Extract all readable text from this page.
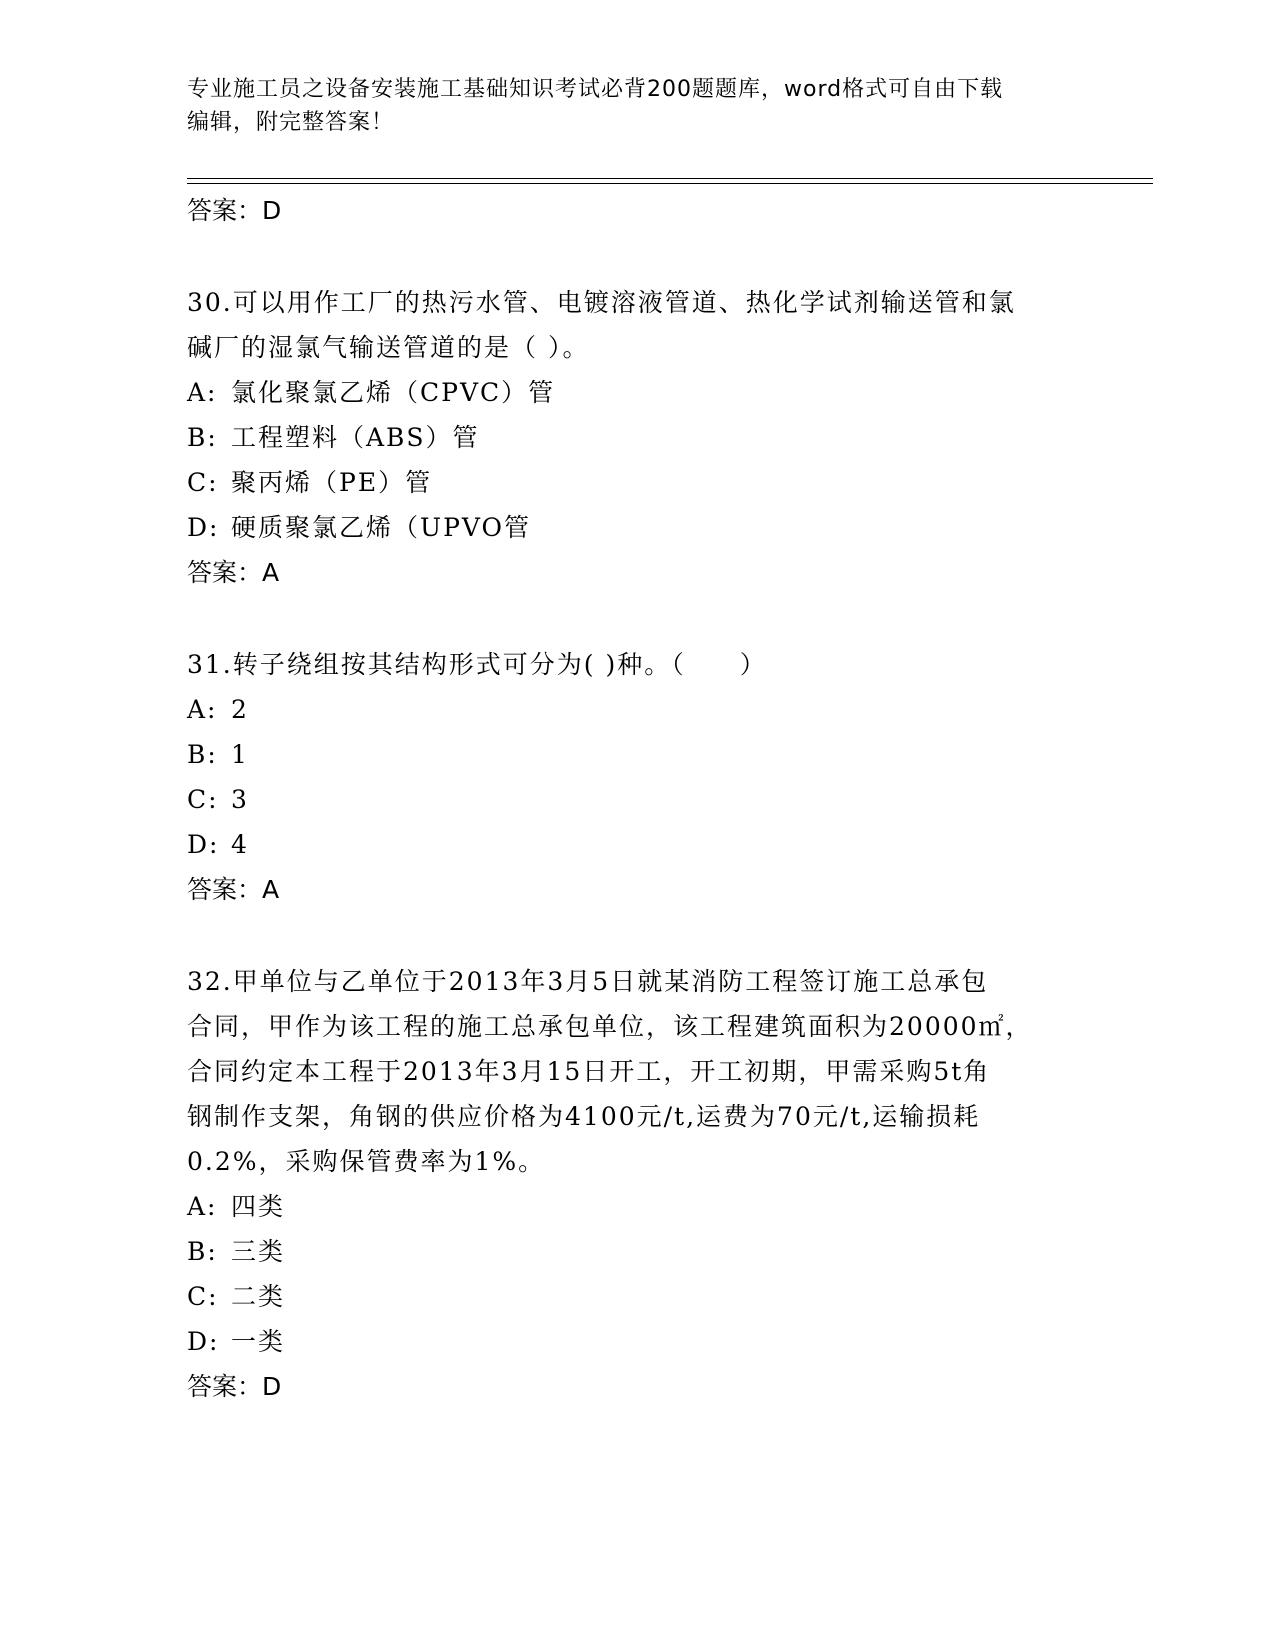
专业施工员之设备安装施工基础知识考试必背200题题库，word格式可自由下载
编辑，附完整答案！
答案：D
30.可以用作工厂的热污水管、电镀溶液管道、热化学试剂输送管和氯
碱厂的湿氯气输送管道的是（ ）。
A: 氯化聚氯乙烯（CPVC）管
B: 工程塑料（ABS）管
C: 聚丙烯（PE）管
D: 硬质聚氯乙烯（UPVO管
答案：A
31.转子绕组按其结构形式可分为( )种。（　　）
A: 2
B: 1
C: 3
D: 4
答案：A
32.甲单位与乙单位于2013年3月5日就某消防工程签订施工总承包
合同，甲作为该工程的施工总承包单位，该工程建筑面积为20000㎡，
合同约定本工程于2013年3月15日开工，开工初期，甲需采购5t角
钢制作支架，角钢的供应价格为4100元/t,运费为70元/t,运输损耗
0.2%，采购保管费率为1%。
A: 四类
B: 三类
C: 二类
D: 一类
答案：D
